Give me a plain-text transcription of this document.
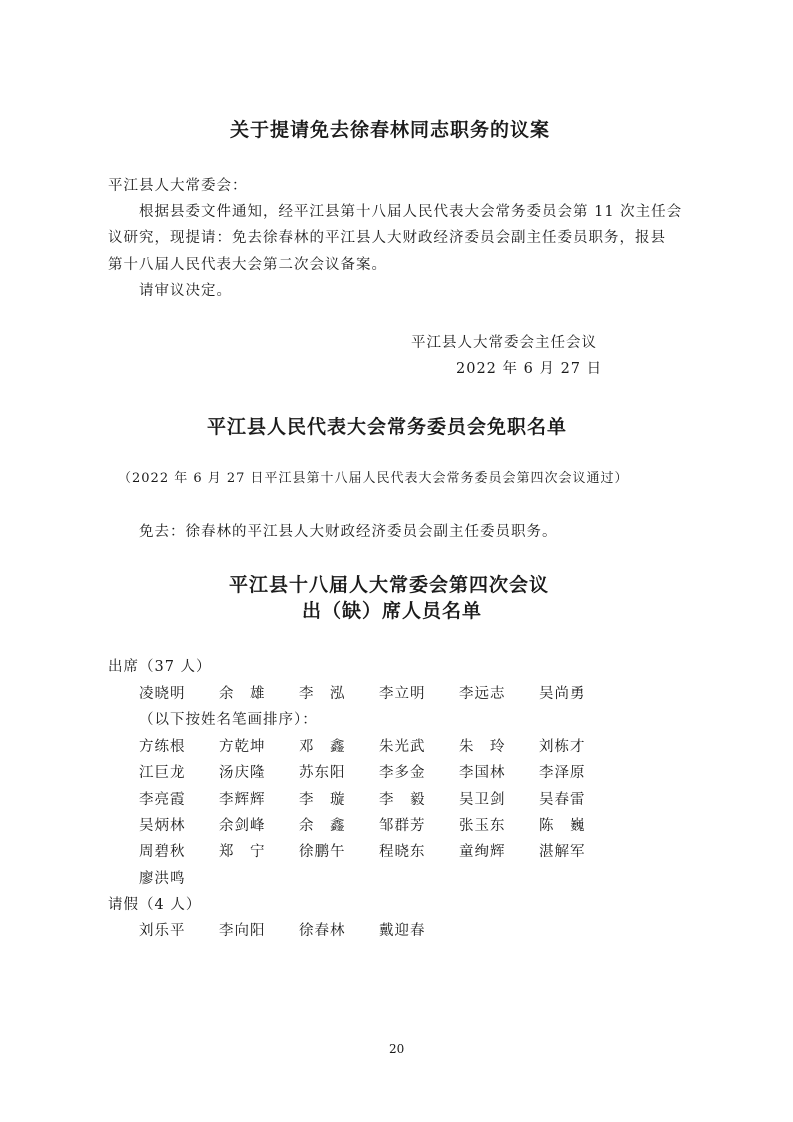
关于提请免去徐春林同志职务的议案
平江县人大常委会：
根据县委文件通知，经平江县第十八届人民代表大会常务委员会第 11 次主任会
议研究，现提请：免去徐春林的平江县人大财政经济委员会副主任委员职务，报县
第十八届人民代表大会第二次会议备案。
请审议决定。
平江县人大常委会主任会议
2022 年 6 月 27 日
平江县人民代表大会常务委员会免职名单
（2022 年 6 月 27 日平江县第十八届人民代表大会常务委员会第四次会议通过）
免去：徐春林的平江县人大财政经济委员会副主任委员职务。
平江县十八届人大常委会第四次会议
出（缺）席人员名单
出席（37 人）
凌晓明 余　雄 李　泓 李立明 李远志 吴尚勇
（以下按姓名笔画排序）：
方练根 方乾坤 邓　鑫 朱光武 朱　玲 刘栋才
江巨龙 汤庆隆 苏东阳 李多金 李国林 李泽原
李亮霞 李辉辉 李　璇 李　毅 吴卫剑 吴春雷
吴炳林 余剑峰 余　鑫 邹群芳 张玉东 陈　巍
周碧秋 郑　宁 徐鹏午 程晓东 童绚辉 湛解军
廖洪鸣
请假（4 人）
刘乐平 李向阳 徐春林 戴迎春
20
